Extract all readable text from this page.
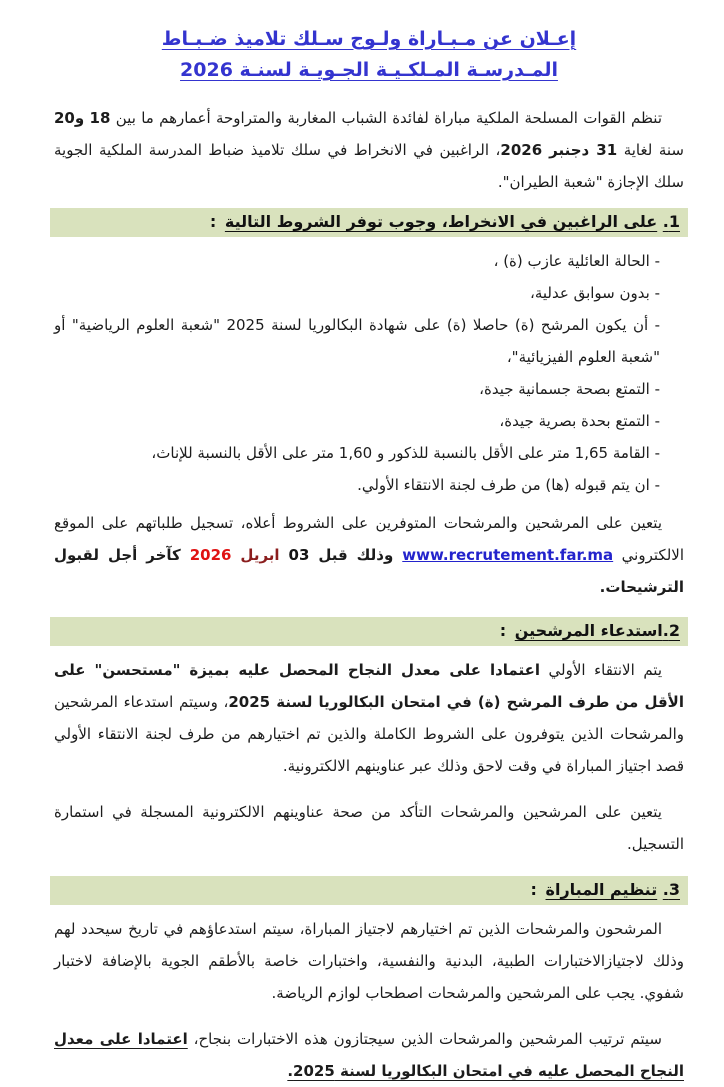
إعـلان عن مـبـاراة ولـوج سـلك تلاميذ ضـبـاط
المـدرسـة المـلكـيـة الجـويـة لسنـة 2026

تنظم القوات المسلحة الملكية مباراة لفائدة الشباب المغاربة والمتراوحة أعمارهم ما بين 18 و20 سنة لغاية 31 دجنبر 2026، الراغبين في الانخراط في سلك تلاميذ ضباط المدرسة الملكية الجوية سلك الإجازة "شعبة الطيران".

1. على الراغبين في الانخراط، وجوب توفر الشروط التالية :
- الحالة العائلية عازب (ة) ،
- بدون سوابق عدلية،
- أن يكون المرشح (ة) حاصلا (ة) على شهادة البكالوريا لسنة 2025 "شعبة العلوم الرياضية" أو "شعبة العلوم الفيزيائية"،
- التمتع بصحة جسمانية جيدة،
- التمتع بحدة بصرية جيدة،
- القامة 1,65 متر على الأقل بالنسبة للذكور و 1,60 متر على الأقل بالنسبة للإناث،
- ان يتم قبوله (ها) من طرف لجنة الانتقاء الأولي.

يتعين على المرشحين والمرشحات المتوفرين على الشروط أعلاه، تسجيل طلباتهم على الموقع الالكتروني www.recrutement.far.ma وذلك قبل 03 ابريل 2026 كآخر أجل لقبول الترشيحات.

2.استدعاء المرشحين :

يتم الانتقاء الأولي اعتمادا على معدل النجاح المحصل عليه بميزة "مستحسن" على الأقل من طرف المرشح (ة) في امتحان البكالوريا لسنة 2025، وسيتم استدعاء المرشحين والمرشحات الذين يتوفرون على الشروط الكاملة والذين تم اختيارهم من طرف لجنة الانتقاء الأولي قصد اجتياز المباراة في وقت لاحق وذلك عبر عناوينهم الالكترونية.

يتعين على المرشحين والمرشحات التأكد من صحة عناوينهم الالكترونية المسجلة في استمارة التسجيل.

3. تنظيم المباراة :

المرشحون والمرشحات الذين تم اختيارهم لاجتياز المباراة، سيتم استدعاؤهم في تاريخ سيحدد لهم وذلك لاجتيازالاختبارات الطبية، البدنية والنفسية، واختبارات خاصة بالأطقم الجوية بالإضافة لاختبار شفوي. يجب على المرشحين والمرشحات اصطحاب لوازم الرياضة.

سيتم ترتيب المرشحين والمرشحات الذين سيجتازون هذه الاختبارات بنجاح، اعتمادا على معدل النجاح المحصل عليه في امتحان البكالوريا لسنة 2025.
